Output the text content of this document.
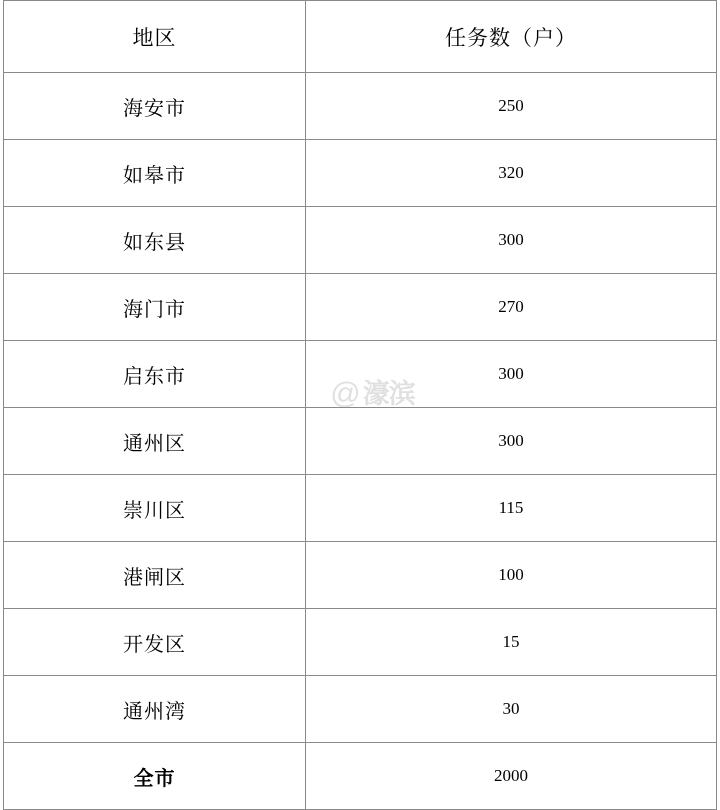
地区	任务数（户）
海安市	250
如皋市	320
如东县	300
海门市	270
启东市	300
通州区	300
崇川区	115
港闸区	100
开发区	15
通州湾	30
全市	2000
@ 濠滨
